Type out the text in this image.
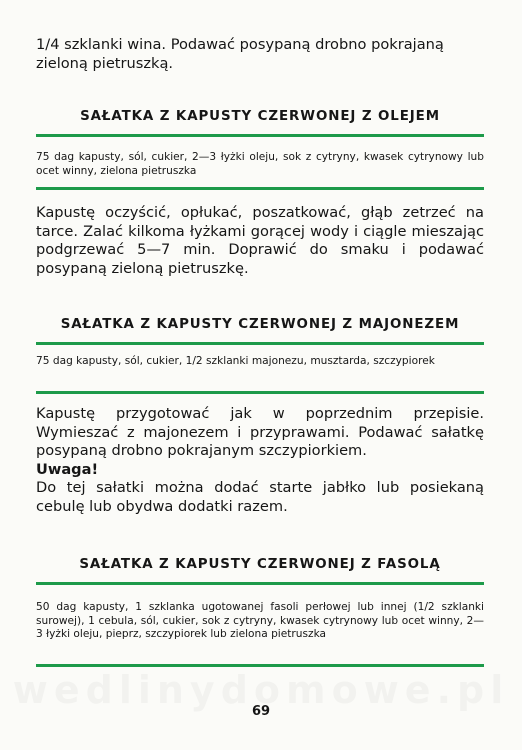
1/4 szklanki wina. Podawać posypaną drobno pokrajaną zieloną pietruszką.
SAŁATKA Z KAPUSTY CZERWONEJ Z OLEJEM
75 dag kapusty, sól, cukier, 2—3 łyżki oleju, sok z cytryny, kwasek cytrynowy lub ocet winny, zielona pietruszka
Kapustę oczyścić, opłukać, poszatkować, głąb zetrzeć na tarce. Zalać kilkoma łyżkami gorącej wody i ciągle mieszając podgrzewać 5—7 min. Doprawić do smaku i podawać posypaną zieloną pietruszkę.
SAŁATKA Z KAPUSTY CZERWONEJ Z MAJONEZEM
75 dag kapusty, sól, cukier, 1/2 szklanki majonezu, musztarda, szczypiorek
Kapustę przygotować jak w poprzednim przepisie. Wymieszać z majonezem i przyprawami. Podawać sałatkę posypaną drobno pokrajanym szczypiorkiem.
Uwaga!
Do tej sałatki można dodać starte jabłko lub posiekaną cebulę lub obydwa dodatki razem.
SAŁATKA Z KAPUSTY CZERWONEJ Z FASOLĄ
50 dag kapusty, 1 szklanka ugotowanej fasoli perłowej lub innej (1/2 szklanki surowej), 1 cebula, sól, cukier, sok z cytryny, kwasek cytrynowy lub ocet winny, 2—3 łyżki oleju, pieprz, szczypiorek lub zielona pietruszka
69
